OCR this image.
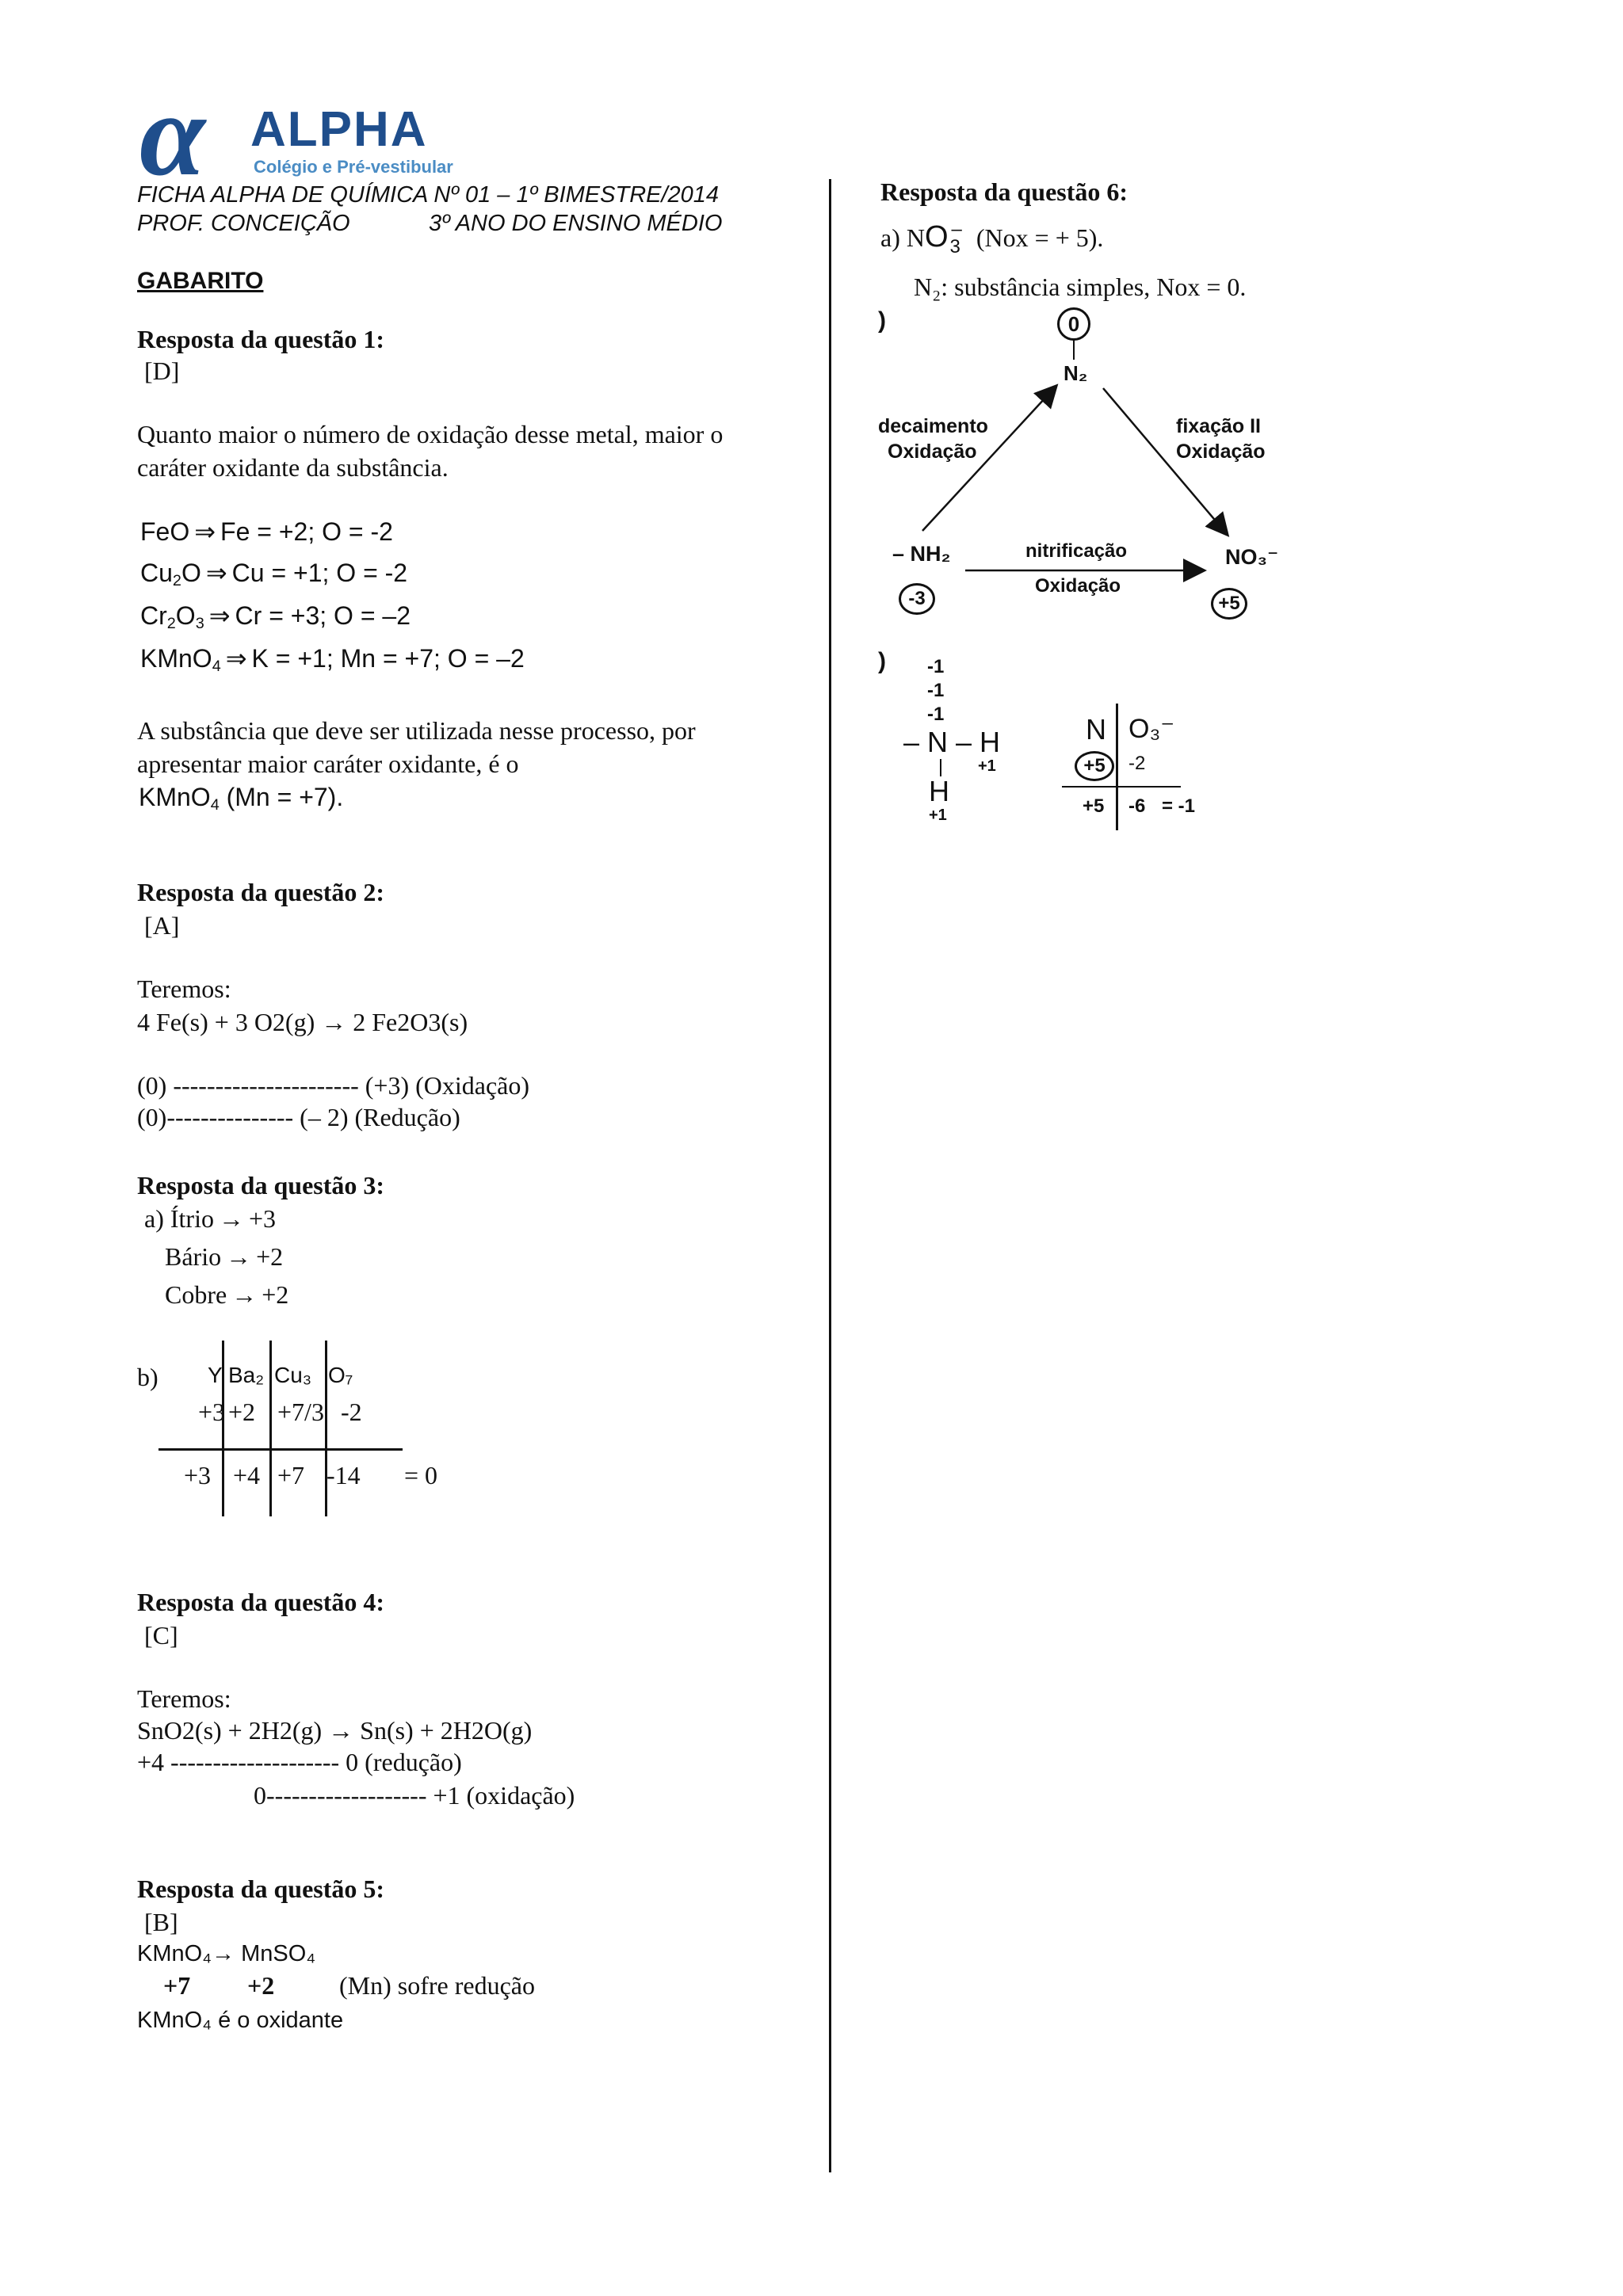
α ALPHA
Colégio e Pré-vestibular
FICHA ALPHA DE QUÍMICA Nº 01 – 1º BIMESTRE/2014
PROF. CONCEIÇÃO	3º ANO DO ENSINO MÉDIO
GABARITO
Resposta da questão 1:
[D]
Quanto maior o número de oxidação desse metal, maior o
caráter oxidante da substância.
FeO ⇒ Fe = +2; O = -2
$Cu_2O$ ⇒ Cu = +1; O = -2
$Cr_2O_3$ ⇒ Cr = +3; O = –2
KMnO$_4$ ⇒ K = +1; Mn = +7; O = –2
A substância que deve ser utilizada nesse processo, por
apresentar maior caráter oxidante, é o
KMnO$_4$ (Mn = +7).
Resposta da questão 2:
[A]
Teremos:
4 Fe(s) + 3 O2(g) → 2 Fe2O3(s)
(0) ---------------------- (+3) (Oxidação)
(0)--------------- (– 2) (Redução)
Resposta da questão 3:
a) Ítrio → +3
Bário → +2
Cobre → +2
b) Y Ba₂ Cu₃ O₇
+3 +2 +7/3 -2
+3 +4 +7 -14 = 0
Resposta da questão 4:
[C]
Teremos:
SnO2(s) + 2H2(g) → Sn(s) + 2H2O(g)
+4 -------------------- 0 (redução)
0------------------- +1 (oxidação)
Resposta da questão 5:
[B]
KMnO₄→ MnSO₄
+7 +2	(Mn) sofre redução
KMnO₄ é o oxidante
Resposta da questão 6:
a) NO3
– (Nox = + 5).
N₂: substância simples, Nox = 0.
)	0
N₂
decaimento
Oxidação
fixação II
Oxidação
– NH₂
-3
nitrificação
Oxidação
NO₃⁻
+5
) -1
-1
-1
– N – H
+1
H
+1
N O₃⁻
+5	-2
+5 -6 = -1
